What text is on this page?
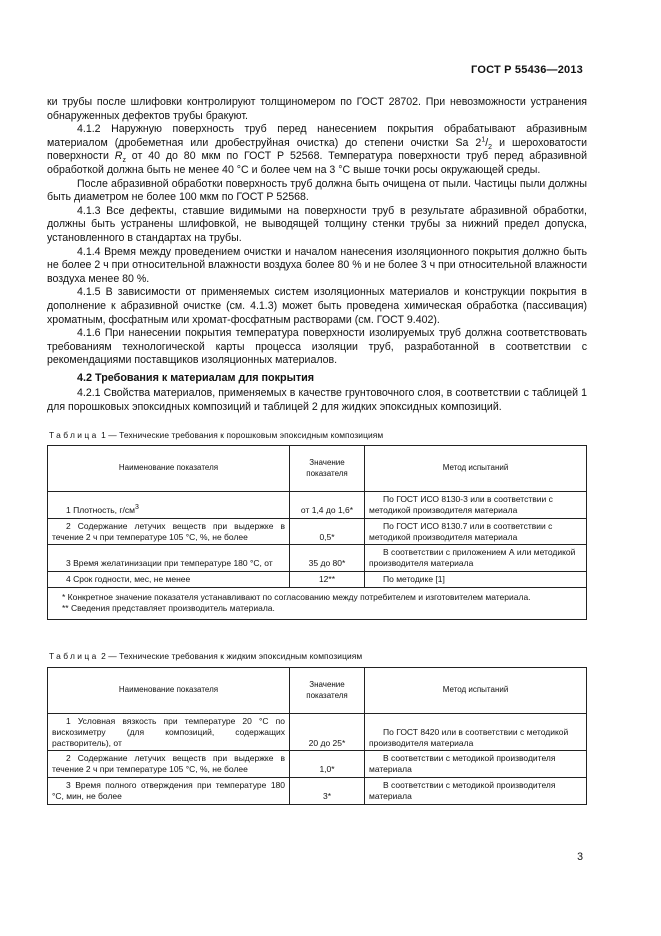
ГОСТ Р 55436—2013

ки трубы после шлифовки контролируют толщиномером по ГОСТ 28702. При невозможности устранения обнаруженных дефектов трубы бракуют.

4.1.2 Наружную поверхность труб перед нанесением покрытия обрабатывают абразивным материалом (дробеметная или дробеструйная очистка) до степени очистки Sa $2^1/_2$ и шероховатости поверхности $R_z$ от 40 до 80 мкм по ГОСТ Р 52568. Температура поверхности труб перед абразивной обработкой должна быть не менее 40 °С и более чем на 3 °С выше точки росы окружающей среды.

После абразивной обработки поверхность труб должна быть очищена от пыли. Частицы пыли должны быть диаметром не более 100 мкм по ГОСТ Р 52568.

4.1.3 Все дефекты, ставшие видимыми на поверхности труб в результате абразивной обработки, должны быть устранены шлифовкой, не выводящей толщину стенки трубы за нижний предел допуска, установленного в стандартах на трубы.

4.1.4 Время между проведением очистки и началом нанесения изоляционного покрытия должно быть не более 2 ч при относительной влажности воздуха более 80 % и не более 3 ч при относительной влажности воздуха менее 80 %.

4.1.5 В зависимости от применяемых систем изоляционных материалов и конструкции покрытия в дополнение к абразивной очистке (см. 4.1.3) может быть проведена химическая обработка (пассивация) хроматным, фосфатным или хромат-фосфатным растворами (см. ГОСТ 9.402).

4.1.6 При нанесении покрытия температура поверхности изолируемых труб должна соответствовать требованиям технологической карты процесса изоляции труб, разработанной в соответствии с рекомендациями поставщиков изоляционных материалов.

4.2 Требования к материалам для покрытия

4.2.1 Свойства материалов, применяемых в качестве грунтовочного слоя, в соответствии с таблицей 1 для порошковых эпоксидных композиций и таблицей 2 для жидких эпоксидных композиций.

Таблица 1 — Технические требования к порошковым эпоксидным композициям
Наименование показателя	Значение показателя	Метод испытаний
1 Плотность, $г/см^3$	от 1,4 до 1,6*	По ГОСТ ИСО 8130-3 или в соответствии с методикой производителя материала
2 Содержание летучих веществ при выдержке в течение 2 ч при температуре 105 °С, %, не более	0,5*	По ГОСТ ИСО 8130.7 или в соответствии с методикой производителя материала
3 Время желатинизации при температуре 180 °С, от	35 до 80*	В соответствии с приложением А или методикой производителя материала
4 Срок годности, мес, не менее	12**	По методике [1]

* Конкретное значение показателя устанавливают по согласованию между потребителем и изготовителем материала.

** Сведения представляет производитель материала.		

Таблица 2 — Технические требования к жидким эпоксидным композициям
Наименование показателя	Значение показателя	Метод испытаний
1 Условная вязкость при температуре 20 °С по вискозиметру (для композиций, содержащих растворитель), от	20 до 25*	По ГОСТ 8420 или в соответствии с методикой производителя материала
2 Содержание летучих веществ при выдержке в течение 2 ч при температуре 105 °С, %, не более	1,0*	В соответствии с методикой производителя материала
3 Время полного отверждения при температуре 180 °С, мин, не более	3*	В соответствии с методикой производителя материала
3
